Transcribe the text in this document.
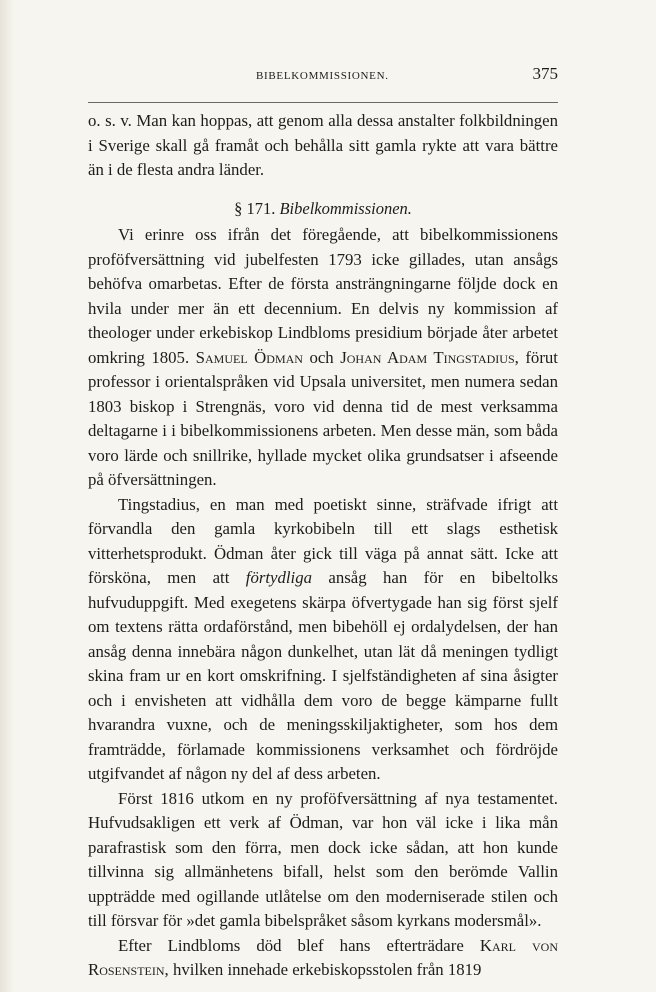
BIBELKOMMISSIONEN.	375

o. s. v. Man kan hoppas, att genom alla dessa anstalter folkbildningen i Sverige skall gå framåt och behålla sitt gamla rykte att vara bättre än i de flesta andra länder.

§ 171. Bibelkommissionen.

Vi erinre oss ifrån det föregående, att bibelkommissionens proföfversättning vid jubelfesten 1793 icke gillades, utan ansågs behöfva omarbetas. Efter de första ansträngningarne följde dock en hvila under mer än ett decennium. En delvis ny kommission af theologer under erkebiskop Lindbloms presidium började åter arbetet omkring 1805. Samuel Ödman och Johan Adam Tingstadius, förut professor i orientalspråken vid Upsala universitet, men numera sedan 1803 biskop i Strengnäs, voro vid denna tid de mest verksamma deltagarne i i bibelkommissionens arbeten. Men desse män, som båda voro lärde och snillrike, hyllade mycket olika grundsatser i afseende på öfversättningen.

Tingstadius, en man med poetiskt sinne, sträfvade ifrigt att förvandla den gamla kyrkobibeln till ett slags esthetisk vitterhetsprodukt. Ödman åter gick till väga på annat sätt. Icke att försköna, men att förtydliga ansåg han för en bibeltolks hufvuduppgift. Med exegetens skärpa öfvertygade han sig först sjelf om textens rätta ordaförstånd, men bibehöll ej ordalydelsen, der han ansåg denna innebära någon dunkelhet, utan lät då meningen tydligt skina fram ur en kort omskrifning. I sjelfständigheten af sina åsigter och i envisheten att vidhålla dem voro de begge kämparne fullt hvarandra vuxne, och de meningsskiljaktigheter, som hos dem framträdde, förlamade kommissionens verksamhet och fördröjde utgifvandet af någon ny del af dess arbeten.

Först 1816 utkom en ny proföfversättning af nya testamentet. Hufvudsakligen ett verk af Ödman, var hon väl icke i lika mån parafrastisk som den förra, men dock icke sådan, att hon kunde tillvinna sig allmänhetens bifall, helst som den berömde Vallin uppträdde med ogillande utlåtelse om den moderniserade stilen och till försvar för »det gamla bibelspråket såsom kyrkans modersmål».

Efter Lindbloms död blef hans efterträdare Karl von Rosenstein, hvilken innehade erkebiskopsstolen från 1819
